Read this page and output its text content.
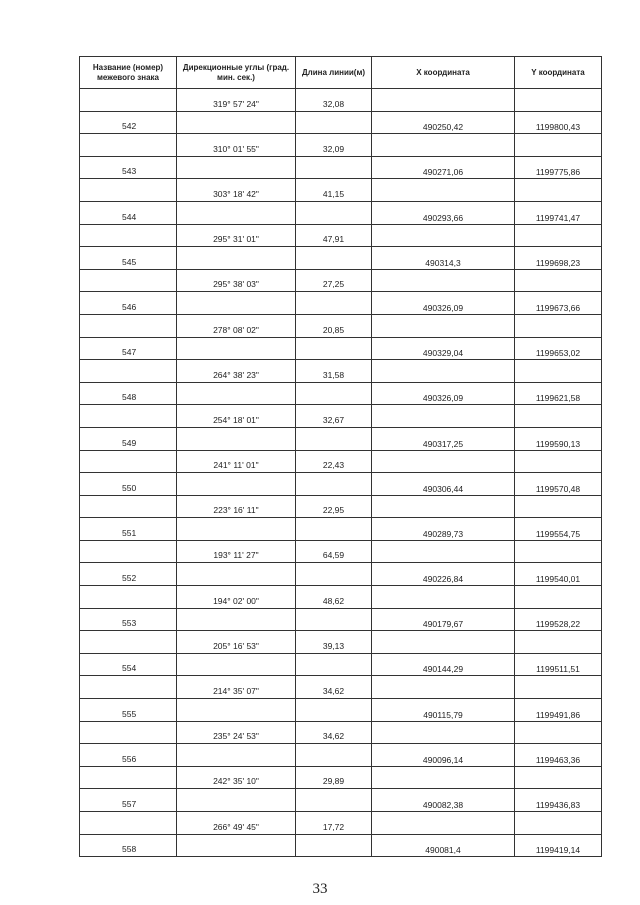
Название (номер) межевого знака	Дирекционные углы (град. мин. сек.)	Длина линии(м)	X координата	Y координата
	319° 57' 24"	32,08		
542			490250,42	1199800,43
	310° 01' 55"	32,09		
543			490271,06	1199775,86
	303° 18' 42"	41,15		
544			490293,66	1199741,47
	295° 31' 01"	47,91		
545			490314,3	1199698,23
	295° 38' 03"	27,25		
546			490326,09	1199673,66
	278° 08' 02"	20,85		
547			490329,04	1199653,02
	264° 38' 23"	31,58		
548			490326,09	1199621,58
	254° 18' 01"	32,67		
549			490317,25	1199590,13
	241° 11' 01"	22,43		
550			490306,44	1199570,48
	223° 16' 11"	22,95		
551			490289,73	1199554,75
	193° 11' 27"	64,59		
552			490226,84	1199540,01
	194° 02' 00"	48,62		
553			490179,67	1199528,22
	205° 16' 53"	39,13		
554			490144,29	1199511,51
	214° 35' 07"	34,62		
555			490115,79	1199491,86
	235° 24' 53"	34,62		
556			490096,14	1199463,36
	242° 35' 10"	29,89		
557			490082,38	1199436,83
	266° 49' 45"	17,72		
558			490081,4	1199419,14
33
